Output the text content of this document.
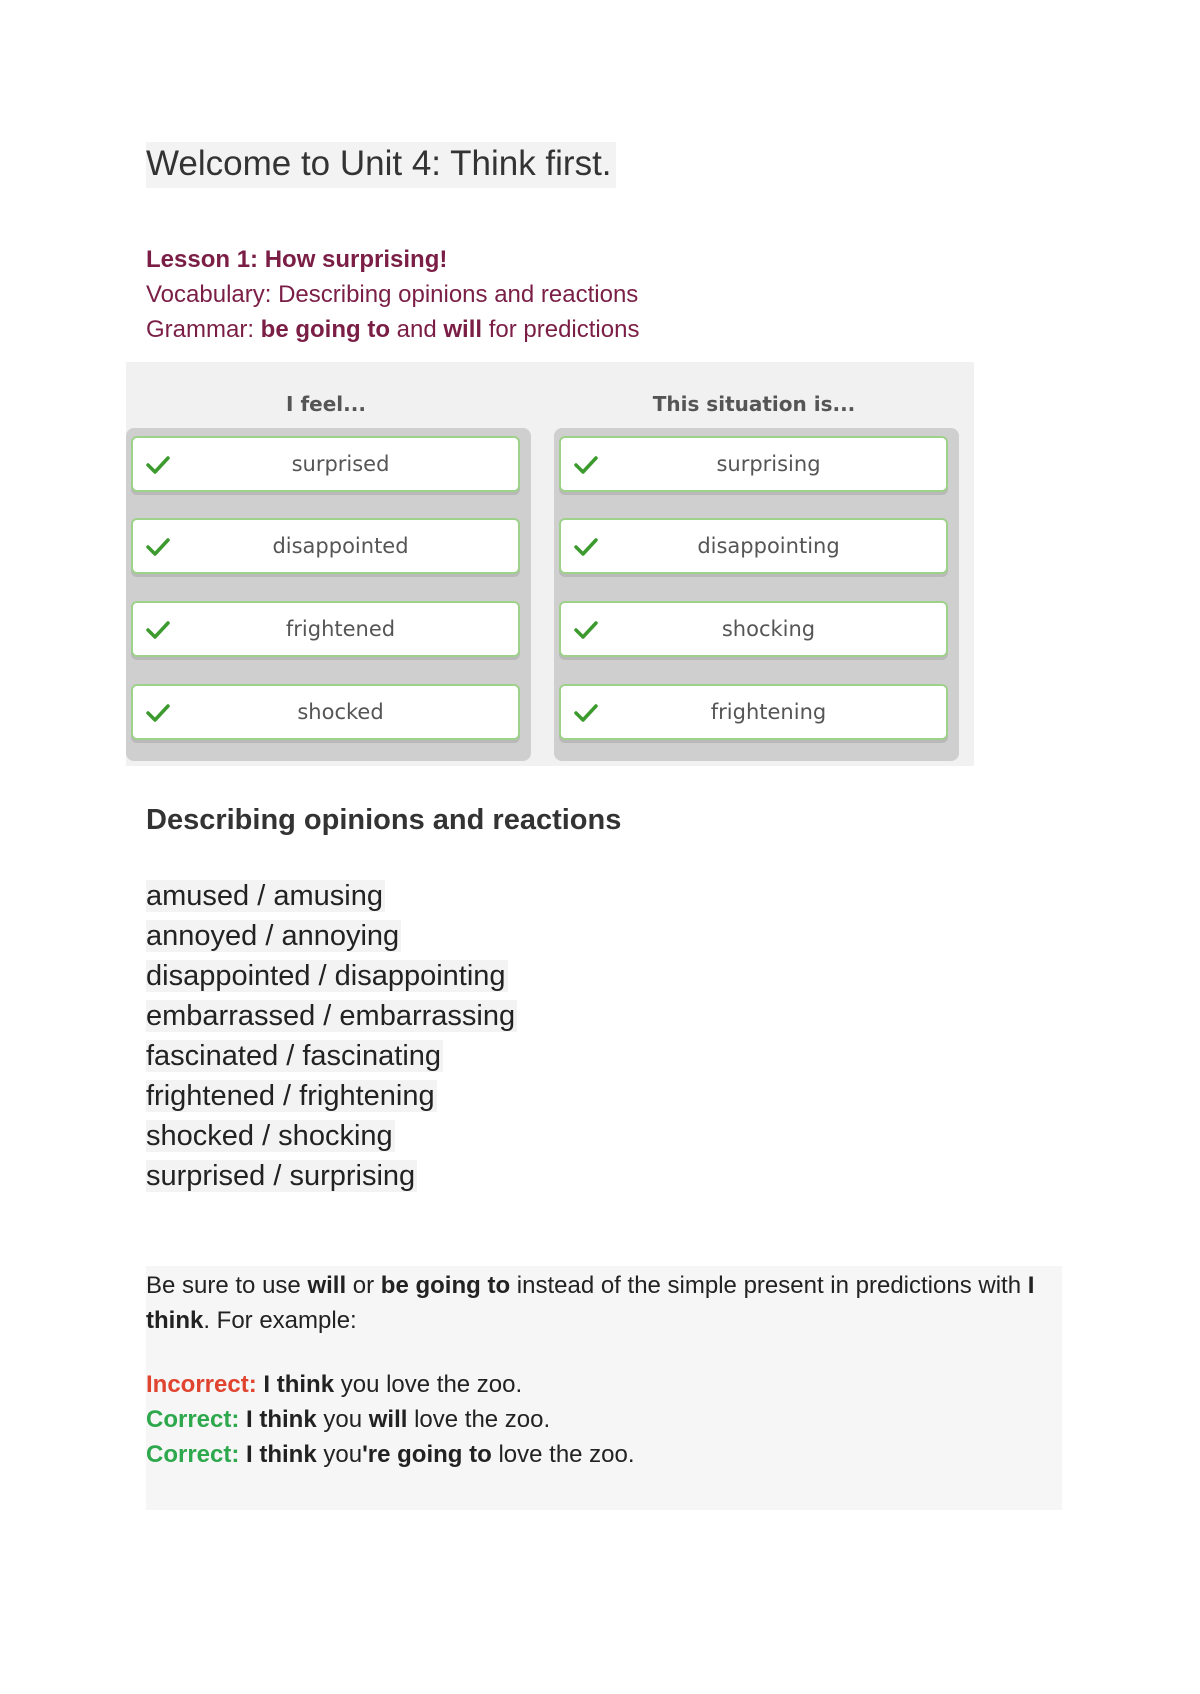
Welcome to Unit 4: Think first.
Lesson 1: How surprising!
Vocabulary: Describing opinions and reactions
Grammar: be going to and will for predictions
I feel...
surprised
disappointed
frightened
shocked
This situation is...
surprising
disappointing
shocking
frightening
Describing opinions and reactions
amused / amusing
annoyed / annoying
disappointed / disappointing
embarrassed / embarrassing
fascinated / fascinating
frightened / frightening
shocked / shocking
surprised / surprising
Be sure to use will or be going to instead of the simple present in predictions with I think. For example:
Incorrect: I think you love the zoo.
Correct: I think you will love the zoo.
Correct: I think you're going to love the zoo.
